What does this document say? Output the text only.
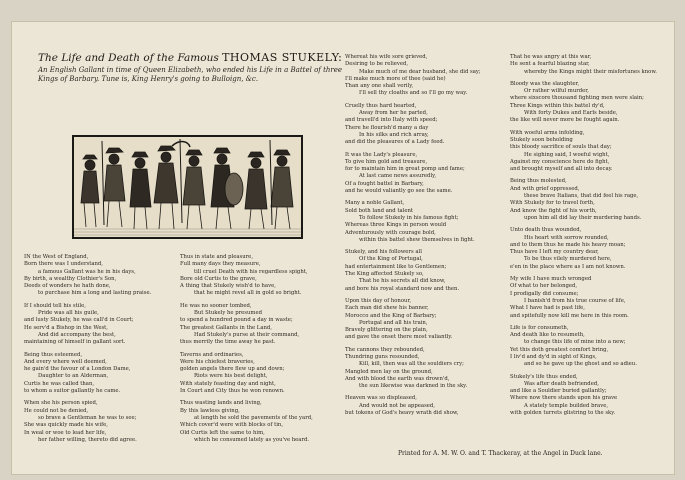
The Life and Death of the Famous THOMAS STUKELY:
An English Gallant in time of Queen Elizabeth, who ended his Life in a Battel of three
Kings of Barbary. Tune is, King Henry's going to Bulloign, &c.
IN the West of England,
Born there was I understand,
a famous Gallant was he in his days,
By birth, a wealthy Clothier's Son,
Deeds of wonders he hath done,
to purchase him a long and lasting praise.
If I should tell his stile,
Pride was all his guile,
and lusty Stukely, he was call'd in Court;
He serv'd a Bishop in the West,
And did accompany the best,
maintaining of himself in gallant sort.
Being thus esteemed,
And every where well deemed,
he gain'd the favour of a London Dame,
Daughter to an Alderman,
Curtis he was called than,
to whom a suitor gallantly he came.
When she his person spied,
He could not be denied,
so brave a Gentleman he was to see;
She was quickly made his wife,
In weal or woe to lead her life,
her father willing, thereto did agree.
Thus in state and pleasure,
Full many days they measure,
till cruel Death with his regardless spight,
Bore old Curtis to the grave,
A thing that Stukely wish'd to have,
that he might revel all in gold so bright.
He was no sooner tombed,
But Stukely he presumed
to spend a hundred pound a day in waste;
The greatest Gallants in the Land,
Had Stukely's purse at their command,
thus merrily the time away he past.
Taverns and ordinaries,
Were his chiefest braveries,
golden angels there flew up and down;
Riots were his best delight,
With stately feasting day and night,
In Court and City thus he won renown.
Thus wasting lands and living,
By this lawless giving,
at length he sold the pavements of the yard,
Which cover'd were with blocks of tin,
Old Curtis left the same to him,
which he consumed lately as you've heard.
Whereat his wife sore grieved,
Desiring to be relieved,
Make much of me dear husband, she did say;
I'll make much more of thee (said he)
Than any one shall verily,
I'll sell thy cloaths and so I'll go my way.
Cruelly thus hard hearted,
Away from her he parted,
and travell'd into Italy with speed;
There he flourish'd many a day
In his silks and rich array,
and did the pleasures of a Lady feed.
It was the Lady's pleasure,
To give him gold and treasure,
for to maintain him in great pomp and fame;
At last came news assuredly,
Of a fought battel in Barbary,
and he would valiantly go see the same.
Many a noble Gallant,
Sold both land and talent
To follow Stukely in his famous fight;
Whereas three Kings in person would
Adventurously with courage bold,
within this battel shew themselves in fight.
Stukely, and his followers all
Of the King of Portugal,
had entertainment like to Gentlemen;
The King affected Stukely so,
That he his secrets all did know,
and bore his royal standard now and then.
Upon this day of honour,
Each man did shew his banner,
Morocco and the King of Barbary;
Portugal and all his train,
Bravely glittering on the plain,
and gave the onset there most valiantly.
The cannons they rebounded,
Thundring guns resounded,
Kill, kill, then was all the souldiers cry;
Mangled men lay on the ground,
And with blood the earth was drown'd,
the sun likewise was darkned in the sky.
Heaven was so displeased,
And would not be appeased,
but tokens of God's heavy wrath did show,
That he was angry at this war,
He sent a fearful blazing star,
whereby the Kings might their misfortunes know.
Bloody was the slaughter,
Or rather wilful murder,
where sixscore thousand fighting men were slain;
Three Kings within this battel dy'd,
With forty Dukes and Earls beside,
the like will never more be fought again.
With woeful arms infolding,
Stukely soon beholding
this bloody sacrifice of souls that day;
He sighing said, I woeful wight,
Against my conscience here do fight,
and brought myself and all into decay.
Being thus molested,
And with grief oppressed,
these brave Italians, that did feel his rage,
With Stukely for to travel forth,
And know the fight of his worth,
upon him all did lay their murdering hands.
Unto death thus wounded,
His heart with sorrow rounded,
and to them thus he made his heavy moan;
Thus have I left my country dear,
To be thus vilely murdered here,
e'en in the place where as I am not known.
My wife I have much wronged
Of what to her belonged,
I prodigally did consume;
I banish'd from his true course of life,
What I have had is past life,
and spitefully now kill me here in this room.
Life is for consumeth,
And death like to resumeth,
to change this life of mine into a new;
Yet this doth greatest comfort bring,
I liv'd and dy'd in sight of Kings,
and so he gave up the ghost and so adieu.
Stukely's life thus ended,
Was after death befriended,
and like a Souldier buried gallantly;
Where now there stands upon his grave
A stately temple builded brave,
with golden turrets glistring to the sky.
Printed for A. M. W. O. and T. Thackeray, at the Angel in Duck lane.
